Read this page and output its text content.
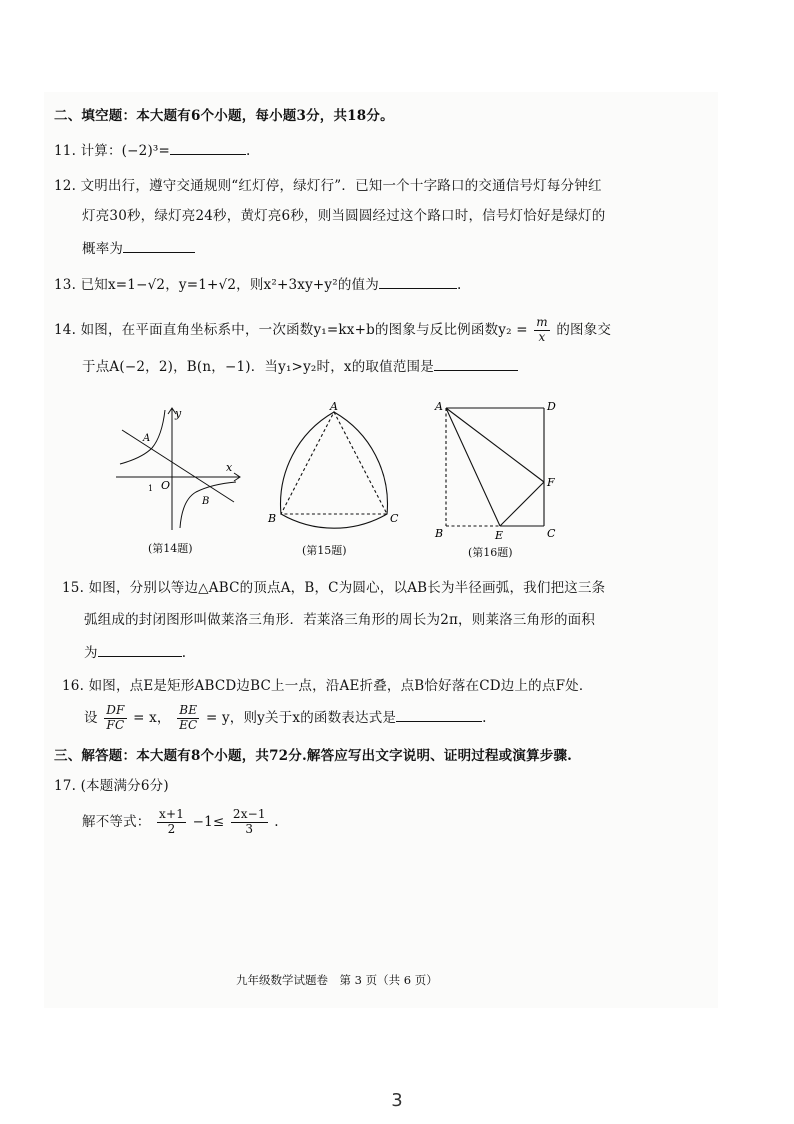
二、填空题：本大题有6个小题，每小题3分，共18分。
11. 计算：(−2)³=	.
12. 文明出行，遵守交通规则“红灯停，绿灯行”．已知一个十字路口的交通信号灯每分钟红
灯亮30秒，绿灯亮24秒，黄灯亮6秒，则当圆圆经过这个路口时，信号灯恰好是绿灯的
概率为
13. 已知x=1−√2，y=1+√2，则x²+3xy+y²的值为	.
14. 如图，在平面直角坐标系中，一次函数y₁=kx+b的图象与反比例函数$y_2 = \frac{m}{x}$ 的图象交
于点A(−2，2)，B(n，−1)．当y₁>y₂时，x的取值范围是
y
x
O
A
B
1
(第14题)
A
B	C
(第15题)
A	D
F
B	E	C
(第16题)
15. 如图，分别以等边△ABC的顶点A，B，C为圆心，以AB长为半径画弧，我们把这三条
弧组成的封闭图形叫做莱洛三角形．若莱洛三角形的周长为2π，则莱洛三角形的面积
为	.
16. 如图，点E是矩形ABCD边BC上一点，沿AE折叠，点B恰好落在CD边上的点F处．
设 $\frac{DF}{FC} = x$， $\frac{BE}{EC} = y$，则y关于x的函数表达式是	.
三、解答题：本大题有8个小题，共72分.解答应写出文字说明、证明过程或演算步骤.
17. (本题满分6分)
解不等式： $\frac{x+1}{2} -1\le \frac{2x-1}{3}$ .
九年级数学试题卷　第 3 页（共 6 页）
3
